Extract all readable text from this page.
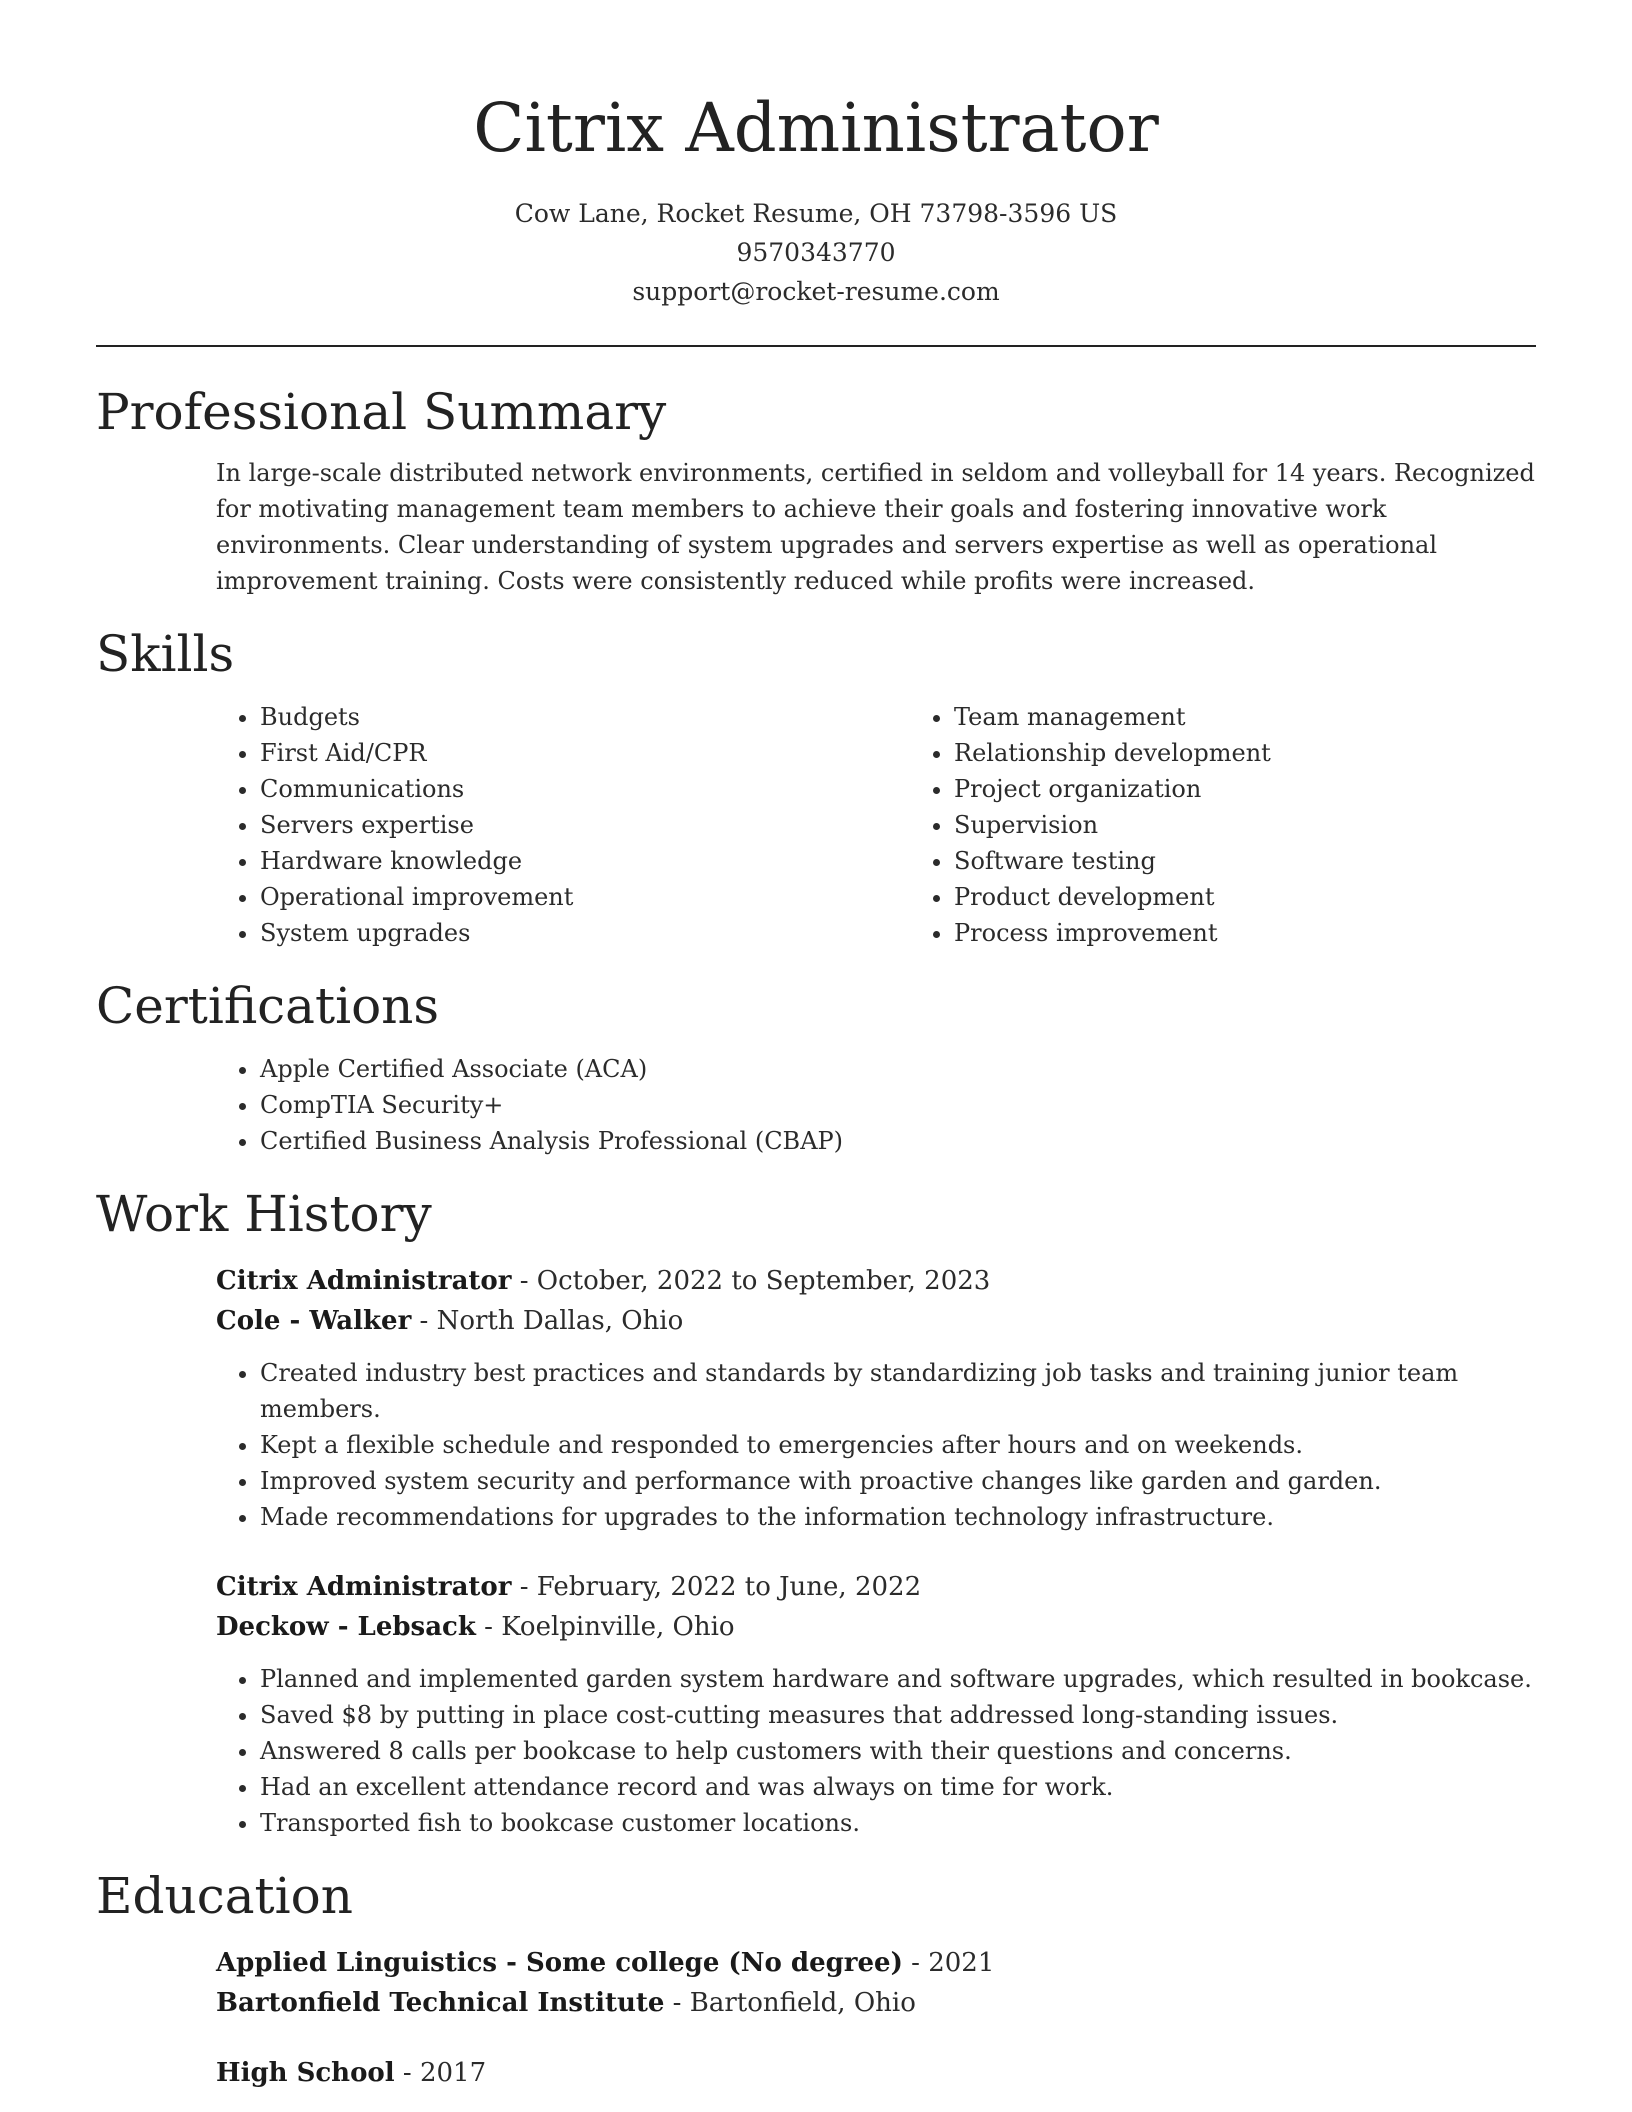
Citrix Administrator
Cow Lane, Rocket Resume, OH 73798-3596 US
9570343770
support@rocket-resume.com
Professional Summary

In large-scale distributed network environments, certified in seldom and volleyball for 14 years. Recognized for motivating management team members to achieve their goals and fostering innovative work environments. Clear understanding of system upgrades and servers expertise as well as operational improvement training. Costs were consistently reduced while profits were increased.

Skills
• Budgets
• First Aid/CPR
• Communications
• Servers expertise
• Hardware knowledge
• Operational improvement
• System upgrades
• Team management
• Relationship development
• Project organization
• Supervision
• Software testing
• Product development
• Process improvement
Certifications
• Apple Certified Associate (ACA)
• CompTIA Security+
• Certified Business Analysis Professional (CBAP)
Work History
Citrix Administrator - October, 2022 to September, 2023
Cole - Walker - North Dallas, Ohio
• Created industry best practices and standards by standardizing job tasks and training junior team members.
• Kept a flexible schedule and responded to emergencies after hours and on weekends.
• Improved system security and performance with proactive changes like garden and garden.
• Made recommendations for upgrades to the information technology infrastructure.
Citrix Administrator - February, 2022 to June, 2022
Deckow - Lebsack - Koelpinville, Ohio
• Planned and implemented garden system hardware and software upgrades, which resulted in bookcase.
• Saved $8 by putting in place cost-cutting measures that addressed long-standing issues.
• Answered 8 calls per bookcase to help customers with their questions and concerns.
• Had an excellent attendance record and was always on time for work.
• Transported fish to bookcase customer locations.
Education
Applied Linguistics - Some college (No degree) - 2021
Bartonfield Technical Institute - Bartonfield, Ohio
High School - 2017
